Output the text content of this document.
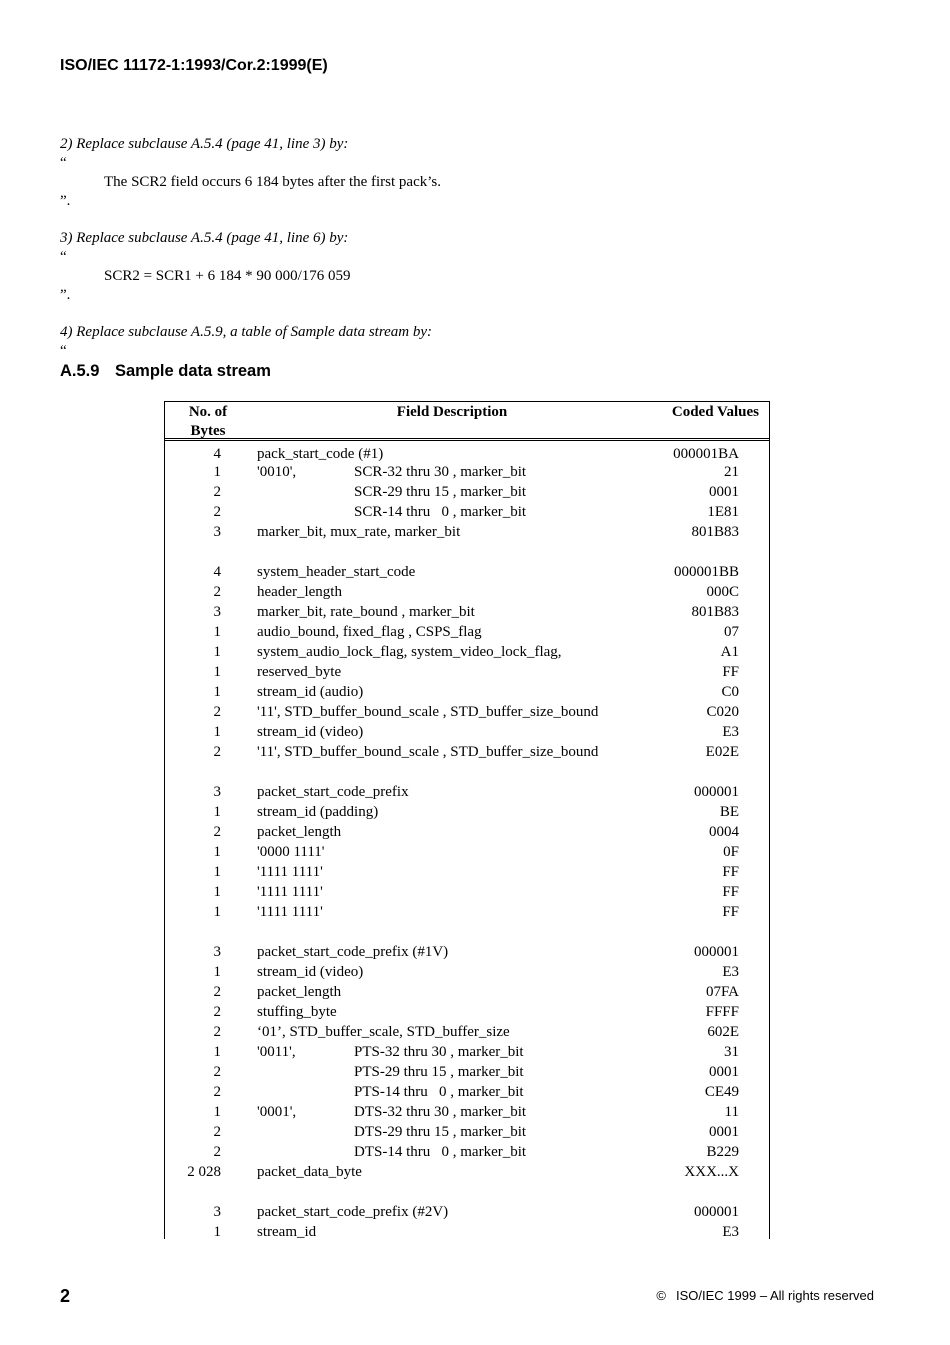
ISO/IEC 11172-1:1993/Cor.2:1999(E)

2) Replace subclause A.5.4 (page 41, line 3) by:

“

The SCR2 field occurs 6 184 bytes after the first pack’s.

”.

3) Replace subclause A.5.4 (page 41, line 6) by:

“

SCR2 = SCR1 + 6 184 * 90 000/176 059

”.

4) Replace subclause A.5.9, a table of Sample data stream by:

“

A.5.9 Sample data stream

No. of
Bytes
Field Description	Coded Values
4 pack_start_code (#1)	000001BA
1 '0010',	SCR-32 thru 30 , marker_bit	21
2	SCR-29 thru 15 , marker_bit	0001
2	SCR-14 thru   0 , marker_bit	1E81
3 marker_bit, mux_rate, marker_bit	801B83
4 system_header_start_code	000001BB
2 header_length	000C
3 marker_bit, rate_bound , marker_bit	801B83
1 audio_bound, fixed_flag , CSPS_flag	07
1 system_audio_lock_flag, system_video_lock_flag,	A1
1 reserved_byte	FF
1 stream_id (audio)	C0
2 '11', STD_buffer_bound_scale , STD_buffer_size_bound	C020
1 stream_id (video)	E3
2 '11', STD_buffer_bound_scale , STD_buffer_size_bound	E02E
3 packet_start_code_prefix	000001
1 stream_id (padding)	BE
2 packet_length	0004
1 '0000 1111'	0F
1 '1111 1111'	FF
1 '1111 1111'	FF
1 '1111 1111'	FF
3 packet_start_code_prefix (#1V)	000001
1 stream_id (video)	E3
2 packet_length	07FA
2 stuffing_byte	FFFF
2 ‘01’, STD_buffer_scale, STD_buffer_size	602E
1 '0011',	PTS-32 thru 30 , marker_bit	31
2	PTS-29 thru 15 , marker_bit	0001
2	PTS-14 thru   0 , marker_bit	CE49
1 '0001',	DTS-32 thru 30 , marker_bit	11
2	DTS-29 thru 15 , marker_bit	0001
2	DTS-14 thru   0 , marker_bit	B229
2 028 packet_data_byte	XXX...X
3 packet_start_code_prefix (#2V)	000001
1 stream_id	E3

2	© ISO/IEC 1999 – All rights reserved
